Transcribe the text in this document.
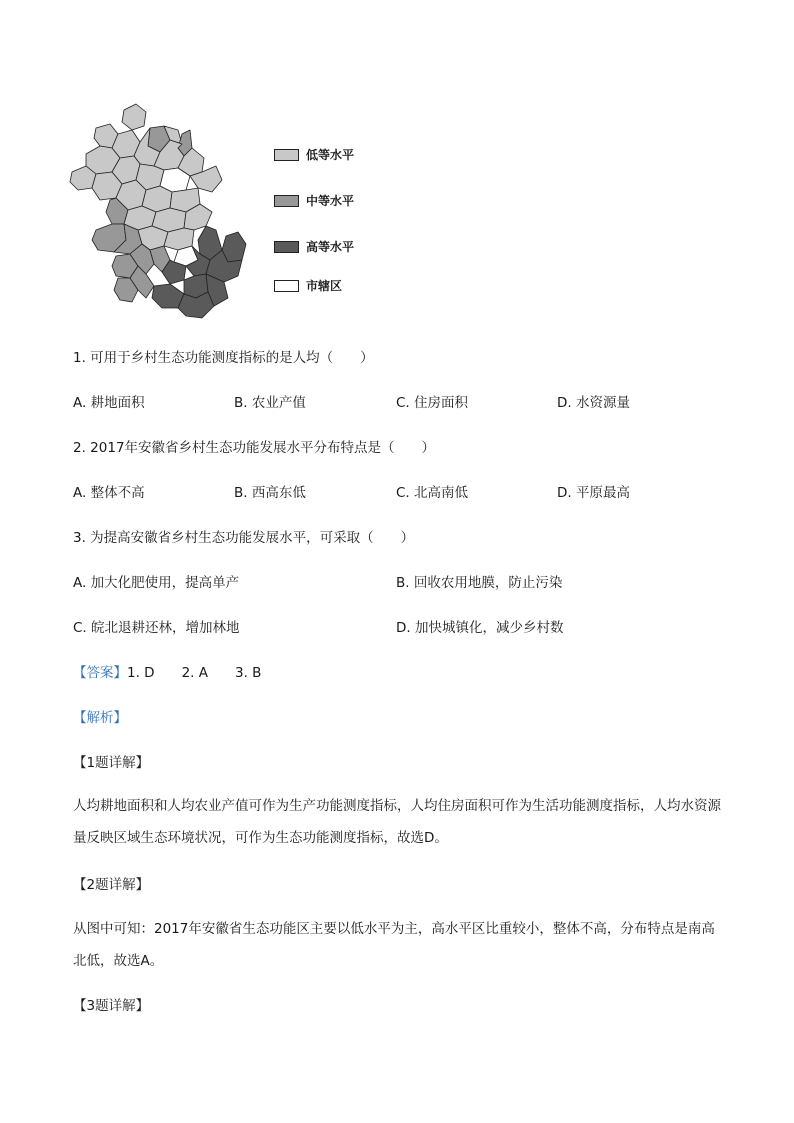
低等水平
中等水平
高等水平
市辖区
1. 可用于乡村生态功能测度指标的是人均（　　）
A. 耕地面积	B. 农业产值	C. 住房面积	D. 水资源量
2. 2017年安徽省乡村生态功能发展水平分布特点是（　　）
A. 整体不高	B. 西高东低	C. 北高南低	D. 平原最高
3. 为提高安徽省乡村生态功能发展水平，可采取（　　）
A. 加大化肥使用，提高单产	B. 回收农用地膜，防止污染
C. 皖北退耕还林，增加林地	D. 加快城镇化，减少乡村数
【答案】1. D　　2. A　　3. B
【解析】
【1题详解】
人均耕地面积和人均农业产值可作为生产功能测度指标，人均住房面积可作为生活功能测度指标，人均水资源量反映区域生态环境状况，可作为生态功能测度指标，故选D。
【2题详解】
从图中可知：2017年安徽省生态功能区主要以低水平为主，高水平区比重较小，整体不高，分布特点是南高北低，故选A。
【3题详解】
